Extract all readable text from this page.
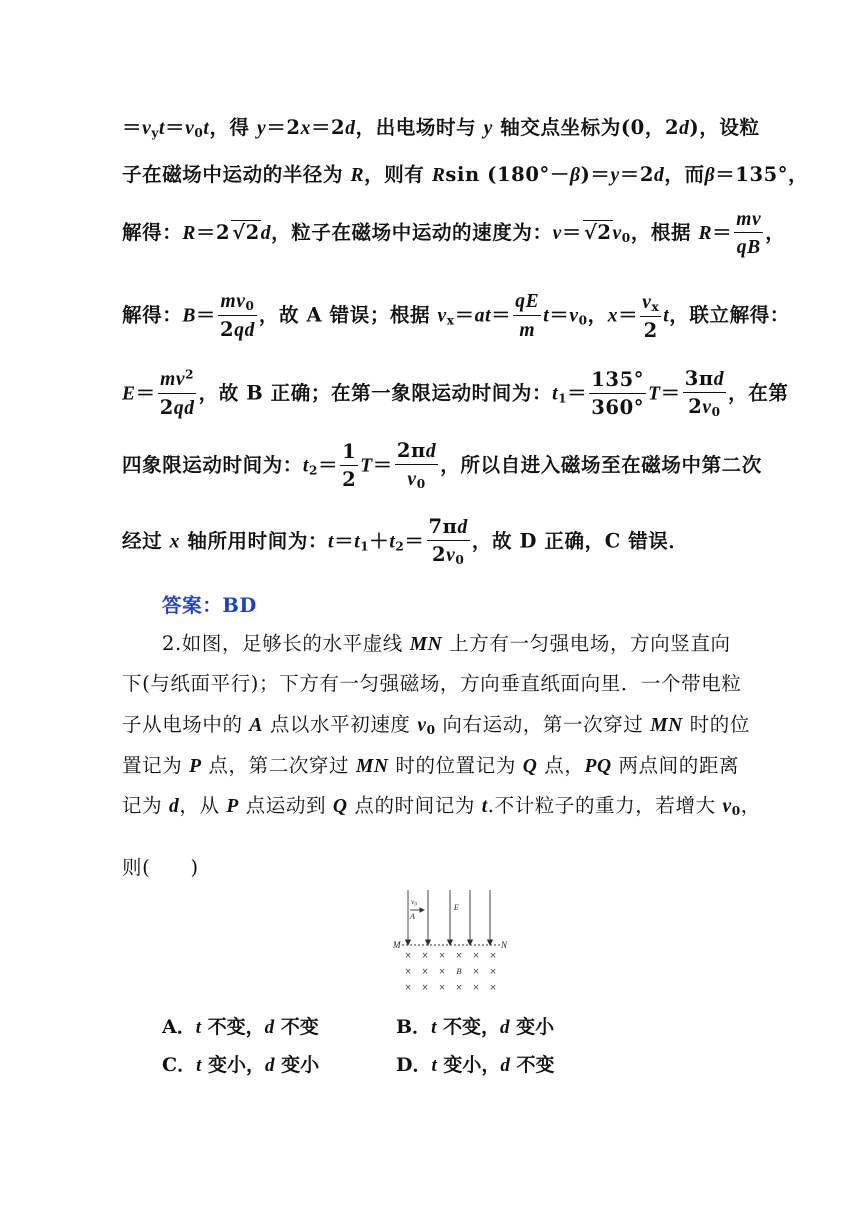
$=v_yt=v_0t$，得 y＝2x＝2d，出电场时与 y 轴交点坐标为(0，2d)，设粒
子在磁场中运动的半径为 R，则有 Rsin (180°－β)＝y＝2d，而β＝135°，
解得：R＝2 √2d，粒子在磁场中运动的速度为：$v= √2v_0$，根据 $R= \frac{mv}{qB}$ ，
解得：$B= \frac{mv_0}{2qd}$ ，故 A 错误；根据 $v_x=at= \frac{qE}{m} t=v_0$，$x= \frac{v_x}{2}$ t，联立解得：
$E= \frac{mv^2}{2qd}$ ，故 B 正确；在第一象限运动时间为：$t_1= \frac{135^\circ}{360^\circ} T= \frac{3\pi d}{2v_0}$ ，在第
四象限运动时间为：$t_2= \frac{1}{2} T= \frac{2\pi d}{v_0}$ ，所以自进入磁场至在磁场中第二次
经过 x 轴所用时间为：$t=t_1+t_2= \frac{7\pi d}{2v_0}$ ，故 D 正确，C 错误．
答案：BD
2.如图，足够长的水平虚线 MN 上方有一匀强电场，方向竖直向
下(与纸面平行)；下方有一匀强磁场，方向垂直纸面向里．一个带电粒
子从电场中的 A 点以水平初速度 $v_0$ 向右运动，第一次穿过 MN 时的位
置记为 P 点，第二次穿过 MN 时的位置记为 Q 点，PQ 两点间的距离
记为 d，从 P 点运动到 Q 点的时间记为 t.不计粒子的重力，若增大 $v_0$，
则(　　)
M	N
$v_0$
A
E
× × × × × ×
× × ×	× ×
× × × × × ×
B
A．t 不变，d 不变	B．t 不变，d 变小
C．t 变小，d 变小	D．t 变小，d 不变
